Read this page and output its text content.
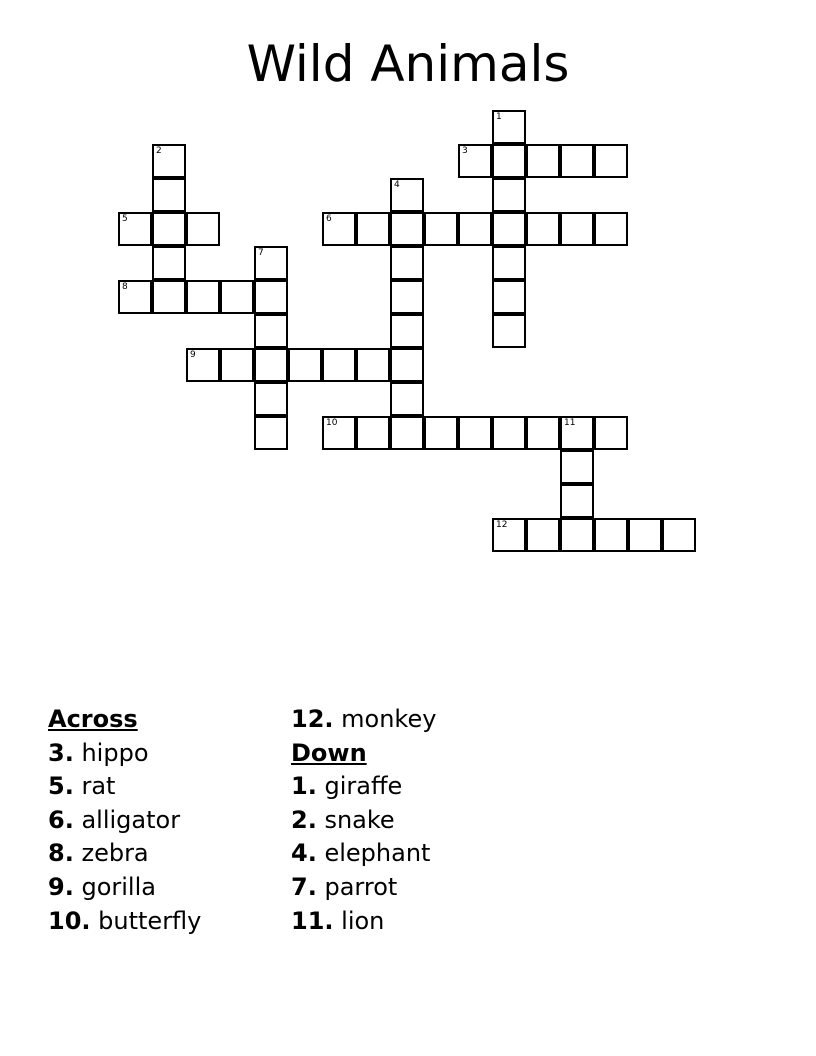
Wild Animals
1
2	3
4
5	6
7
8
9
10	11
12
Across
3. hippo
5. rat
6. alligator
8. zebra
9. gorilla
10. butterfly
12. monkey
Down
1. giraffe
2. snake
4. elephant
7. parrot
11. lion
